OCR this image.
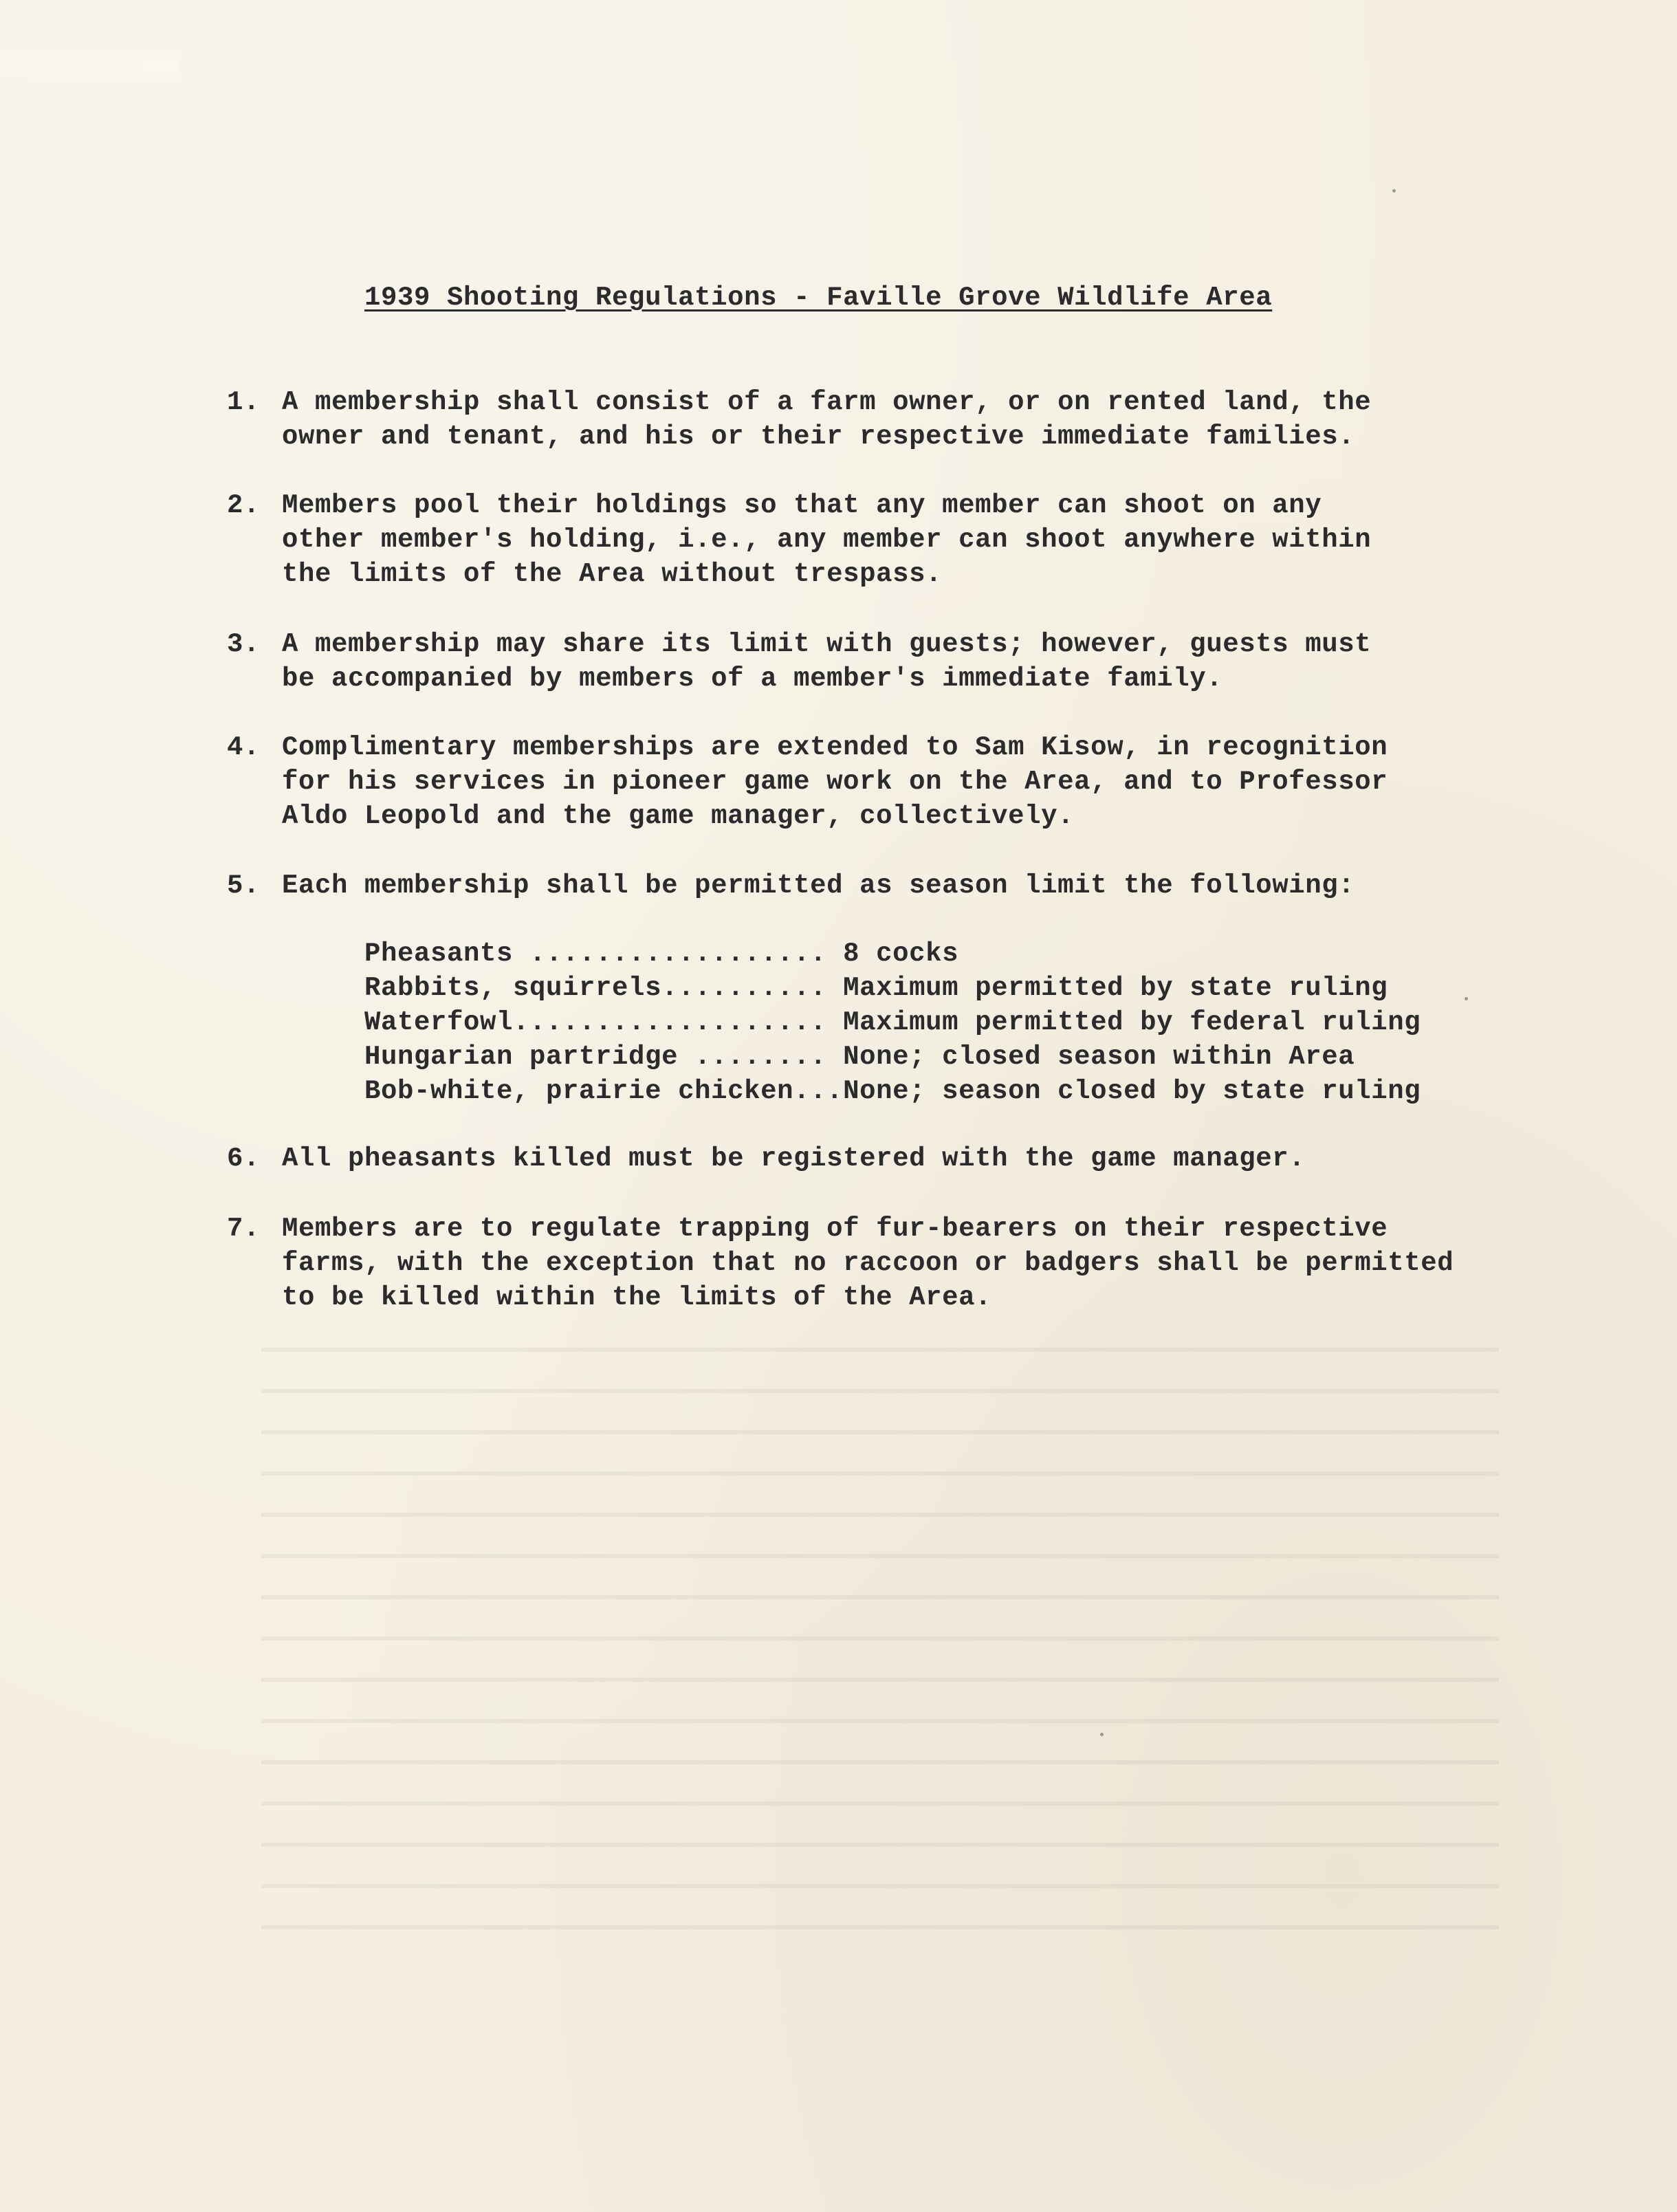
1939 Shooting Regulations - Faville Grove Wildlife Area

1. A membership shall consist of a farm owner, or on rented land, the
owner and tenant, and his or their respective immediate families.
2. Members pool their holdings so that any member can shoot on any
other member's holding, i.e., any member can shoot anywhere within
the limits of the Area without trespass.
3. A membership may share its limit with guests; however, guests must
be accompanied by members of a member's immediate family.
4. Complimentary memberships are extended to Sam Kisow, in recognition
for his services in pioneer game work on the Area, and to Professor
Aldo Leopold and the game manager, collectively.
5. Each membership shall be permitted as season limit the following:
Pheasants .................. 8 cocks
Rabbits, squirrels.......... Maximum permitted by state ruling
Waterfowl................... Maximum permitted by federal ruling
Hungarian partridge ........ None; closed season within Area
Bob-white, prairie chicken...None; season closed by state ruling
6. All pheasants killed must be registered with the game manager.
7. Members are to regulate trapping of fur-bearers on their respective
farms, with the exception that no raccoon or badgers shall be permitted
to be killed within the limits of the Area.
